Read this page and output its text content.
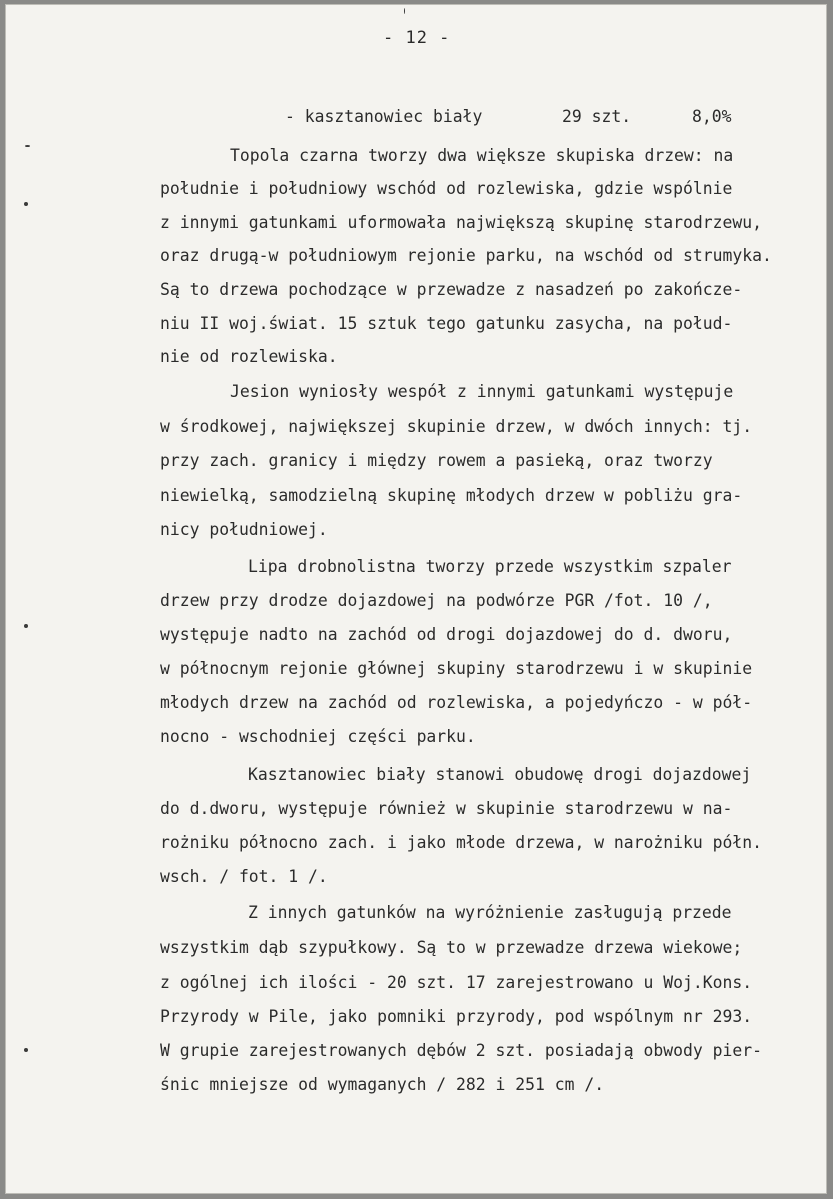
- 12 -
- kasztanowiec biały	29 szt.	8,0%
Topola czarna tworzy dwa większe skupiska drzew: na
południe i południowy wschód od rozlewiska, gdzie wspólnie
z innymi gatunkami uformowała największą skupinę starodrzewu,
oraz drugą-w południowym rejonie parku, na wschód od strumyka.
Są to drzewa pochodzące w przewadze z nasadzeń po zakończe-
niu II woj.świat. 15 sztuk tego gatunku zasycha, na połud-
nie od rozlewiska.
Jesion wyniosły wespół z innymi gatunkami występuje
w środkowej, największej skupinie drzew, w dwóch innych: tj.
przy zach. granicy i między rowem a pasieką, oraz tworzy
niewielką, samodzielną skupinę młodych drzew w pobliżu gra-
nicy południowej.
Lipa drobnolistna tworzy przede wszystkim szpaler
drzew przy drodze dojazdowej na podwórze PGR /fot. 10 /,
występuje nadto na zachód od drogi dojazdowej do d. dworu,
w północnym rejonie głównej skupiny starodrzewu i w skupinie
młodych drzew na zachód od rozlewiska, a pojedyńczo - w pół-
nocno - wschodniej części parku.
Kasztanowiec biały stanowi obudowę drogi dojazdowej
do d.dworu, występuje również w skupinie starodrzewu w na-
rożniku północno zach. i jako młode drzewa, w narożniku półn.
wsch. / fot. 1 /.
Z innych gatunków na wyróżnienie zasługują przede
wszystkim dąb szypułkowy. Są to w przewadze drzewa wiekowe;
z ogólnej ich ilości - 20 szt. 17 zarejestrowano u Woj.Kons.
Przyrody w Pile, jako pomniki przyrody, pod wspólnym nr 293.
W grupie zarejestrowanych dębów 2 szt. posiadają obwody pier-
śnic mniejsze od wymaganych / 282 i 251 cm /.
